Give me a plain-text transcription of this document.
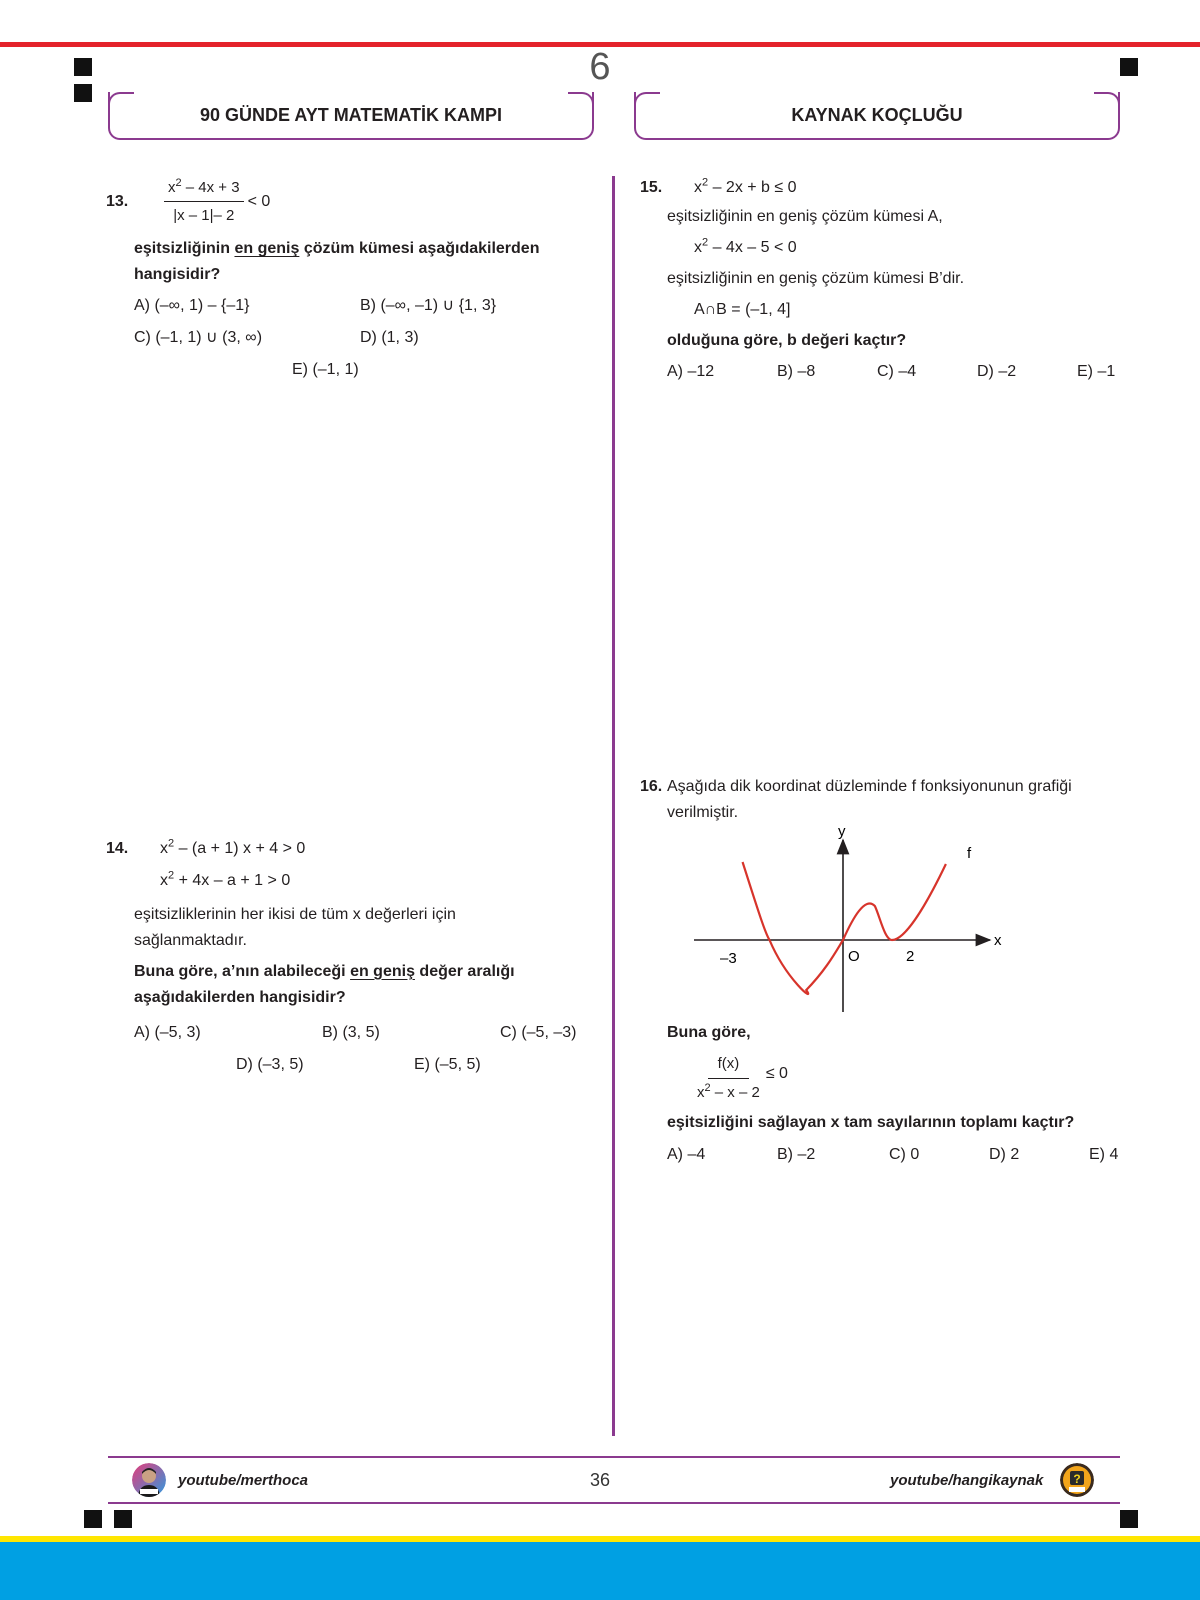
6
90 GÜNDE AYT MATEMATİK KAMPI	KAYNAK KOÇLUĞU
13.	$\frac{x^2 - 4x + 3}{|x - 1|- 2} < 0$
eşitsizliğinin en geniş çözüm kümesi aşağıdakilerden
hangisidir?
A) (–∞, 1) – {–1}	B) (–∞, –1) ∪ {1, 3}
C) (–1, 1) ∪ (3, ∞)	D) (1, 3)
E) (–1, 1)
14.	$x^2 - (a + 1) x + 4 > 0$
$x^2 + 4x - a + 1 > 0$
eşitsizliklerinin her ikisi de tüm x değerleri için
sağlanmaktadır.
Buna göre, a’nın alabileceği en geniş değer aralığı
aşağıdakilerden hangisidir?
A) (–5, 3)	B) (3, 5)	C) (–5, –3)
D) (–3, 5)	E) (–5, 5)
15.	$x^2 - 2x + b \le 0$
eşitsizliğinin en geniş çözüm kümesi A,
$x^2 - 4x - 5 < 0$
eşitsizliğinin en geniş çözüm kümesi B’dir.
A∩B = (–1, 4]
olduğuna göre, b değeri kaçtır?
A) –12	B) –8	C) –4	D) –2	E) –1
16. Aşağıda dik koordinat düzleminde f fonksiyonunun grafiği
verilmiştir.
y
x
f
O
–3	2
Buna göre,
$\frac{f(x)}{x^2 - x - 2} \le 0$
eşitsizliğini sağlayan x tam sayılarının toplamı kaçtır?
A) –4	B) –2	C) 0	D) 2	E) 4
youtube/merthoca	36	youtube/hangikaynak ?
